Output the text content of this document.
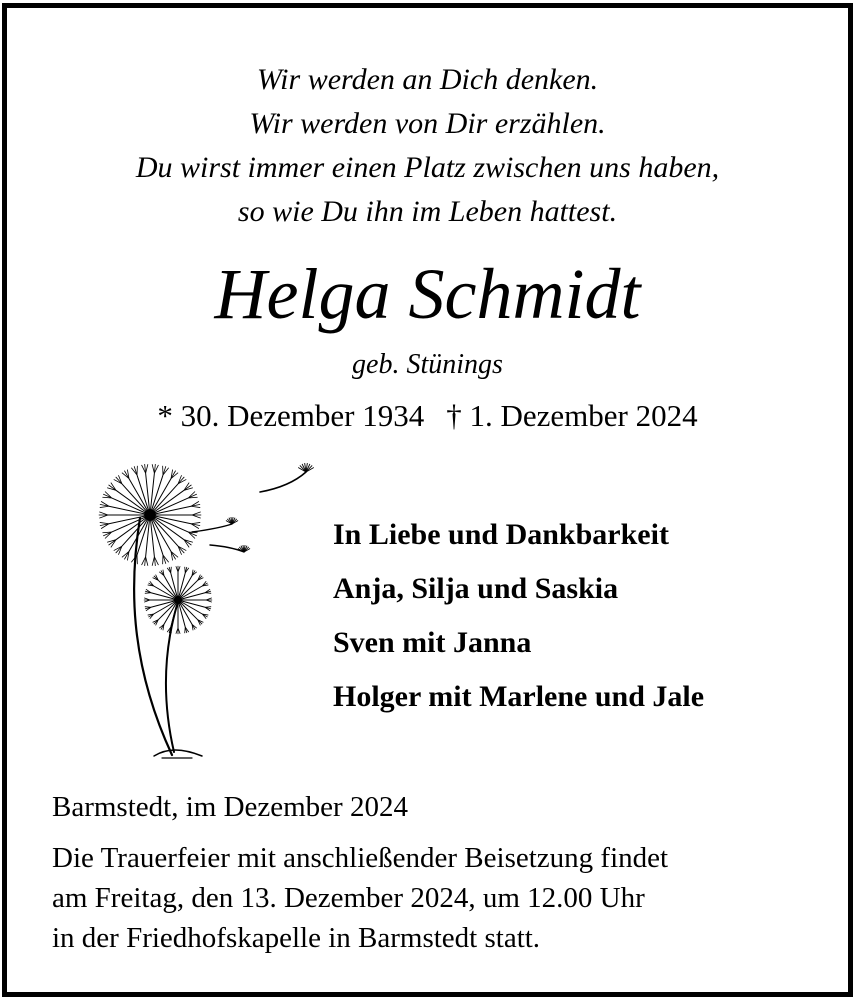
Wir werden an Dich denken.
Wir werden von Dir erzählen.
Du wirst immer einen Platz zwischen uns haben,
so wie Du ihn im Leben hattest.
Helga Schmidt
geb. Stünings
* 30. Dezember 1934 † 1. Dezember 2024
In Liebe und Dankbarkeit
Anja, Silja und Saskia
Sven mit Janna
Holger mit Marlene und Jale
Barmstedt, im Dezember 2024
Die Trauerfeier mit anschließender Beisetzung findet
am Freitag, den 13. Dezember 2024, um 12.00 Uhr
in der Friedhofskapelle in Barmstedt statt.
